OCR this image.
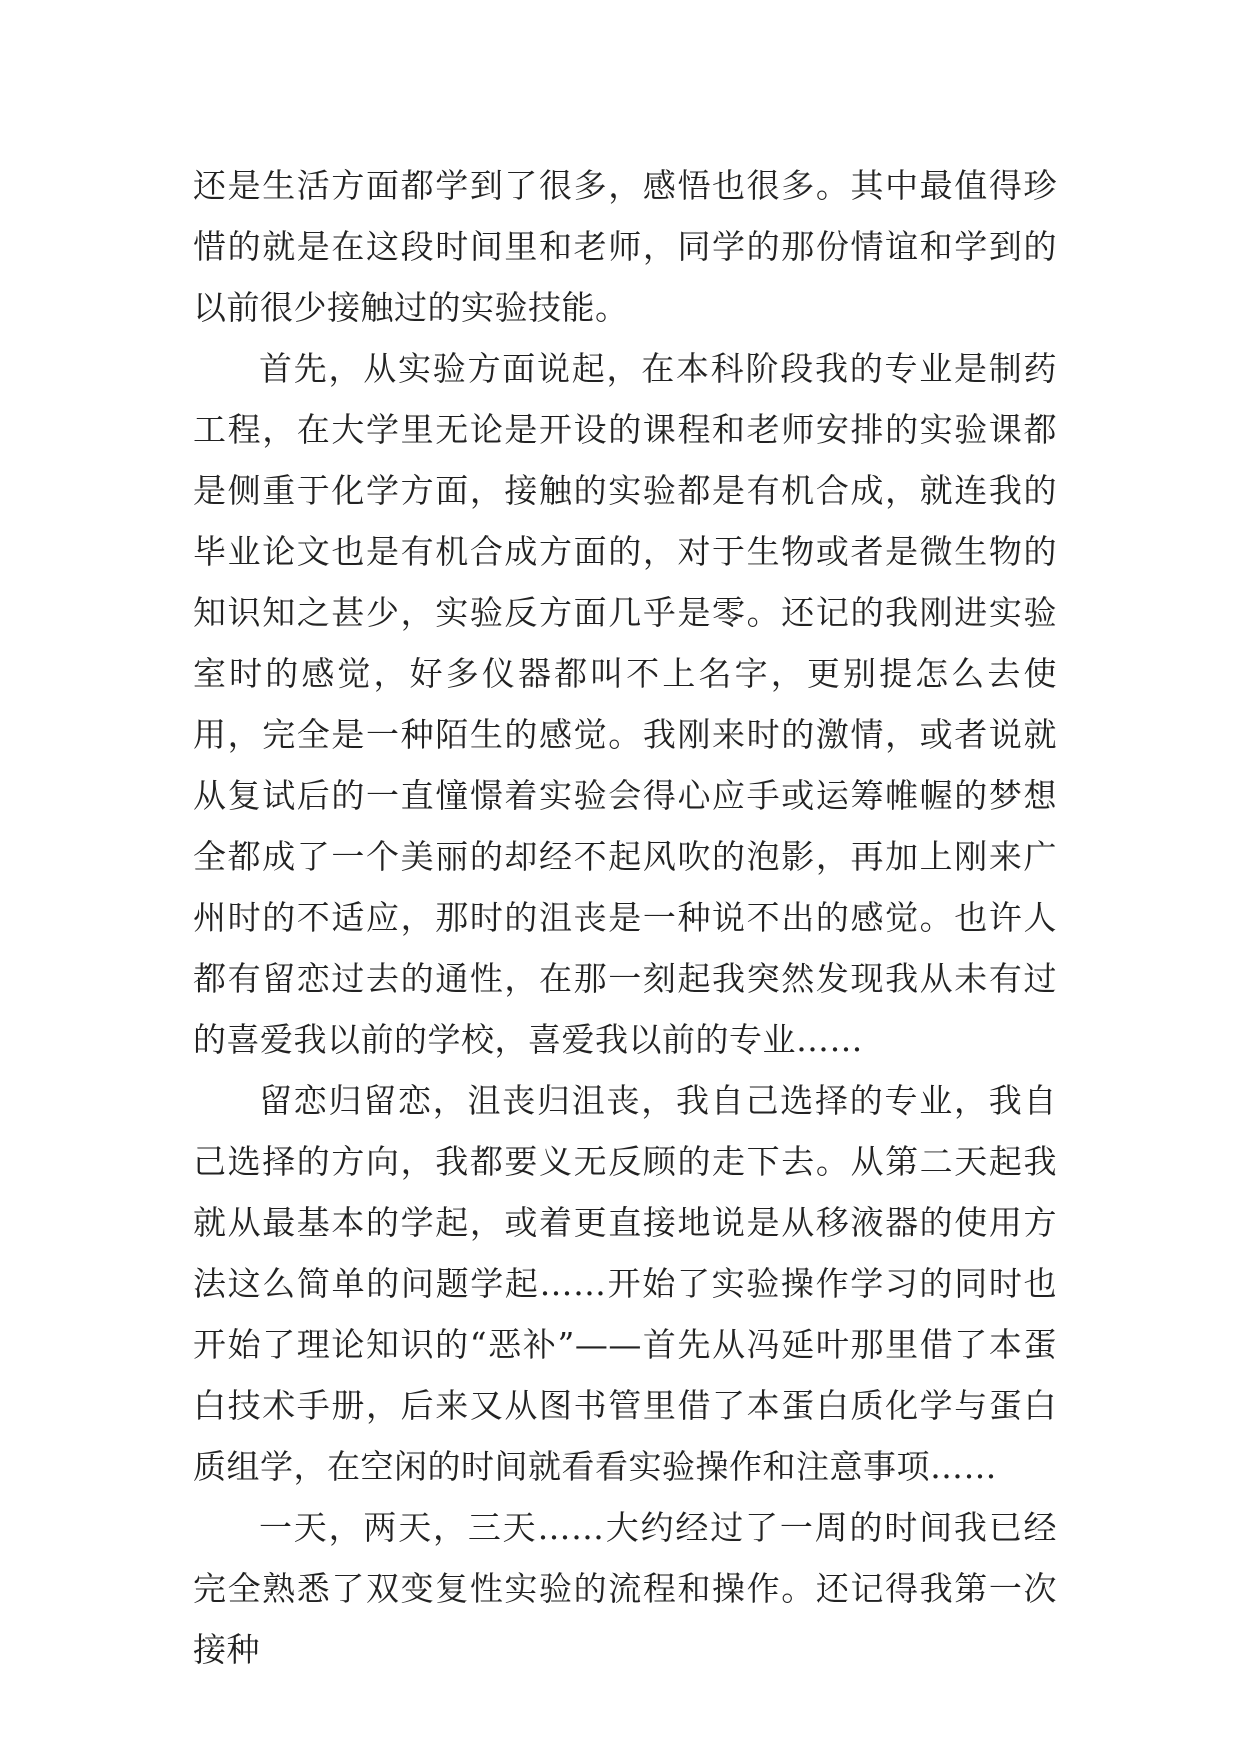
还是生活方面都学到了很多，感悟也很多。其中最值得珍惜的就是在这段时间里和老师，同学的那份情谊和学到的以前很少接触过的实验技能。

首先，从实验方面说起，在本科阶段我的专业是制药工程，在大学里无论是开设的课程和老师安排的实验课都是侧重于化学方面，接触的实验都是有机合成，就连我的毕业论文也是有机合成方面的，对于生物或者是微生物的知识知之甚少，实验反方面几乎是零。还记的我刚进实验室时的感觉，好多仪器都叫不上名字，更别提怎么去使用，完全是一种陌生的感觉。我刚来时的激情，或者说就从复试后的一直憧憬着实验会得心应手或运筹帷幄的梦想全都成了一个美丽的却经不起风吹的泡影，再加上刚来广州时的不适应，那时的沮丧是一种说不出的感觉。也许人都有留恋过去的通性，在那一刻起我突然发现我从未有过的喜爱我以前的学校，喜爱我以前的专业……

留恋归留恋，沮丧归沮丧，我自己选择的专业，我自己选择的方向，我都要义无反顾的走下去。从第二天起我就从最基本的学起，或着更直接地说是从移液器的使用方法这么简单的问题学起……开始了实验操作学习的同时也开始了理论知识的“恶补”——首先从冯延叶那里借了本蛋白技术手册，后来又从图书管里借了本蛋白质化学与蛋白质组学，在空闲的时间就看看实验操作和注意事项……

一天，两天，三天……大约经过了一周的时间我已经完全熟悉了双变复性实验的流程和操作。还记得我第一次接种
